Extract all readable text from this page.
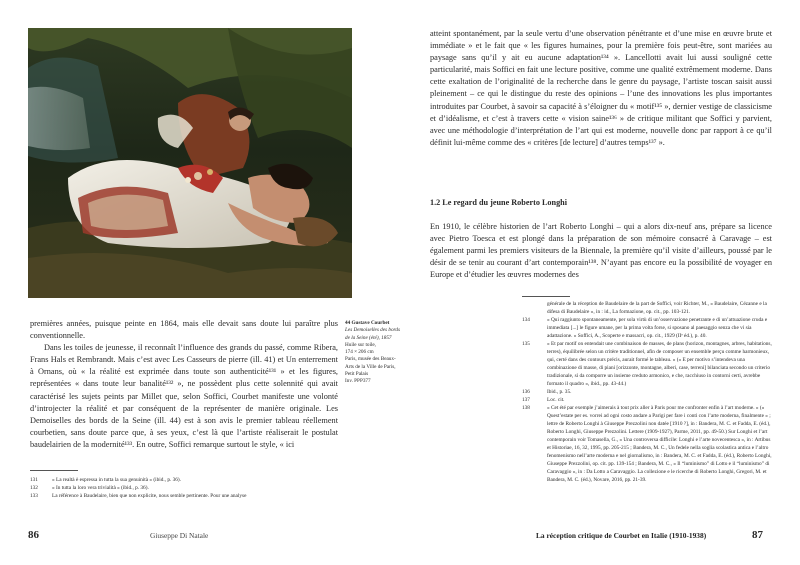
premières années, puisque peinte en 1864, mais elle devait sans doute lui paraître plus conventionnelle.

Dans les toiles de jeunesse, il reconnaît l’influence des grands du passé, comme Ribera, Frans Hals et Rembrandt. Mais c’est avec Les Casseurs de pierre (ill. 41) et Un enterrement à Ornans, où « la réalité est exprimée dans toute son authenticité¹³¹ » et les figures, représentées « dans toute leur banalité¹³² », ne possèdent plus cette solennité qui avait caractérisé les sujets peints par Millet que, selon Soffici, Courbet manifeste une volonté d’introjecter la réalité et par conséquent de la représenter de manière originale. Les Demoiselles des bords de la Seine (ill. 44) est à son avis le premier tableau réellement courbetien, sans doute parce que, à ses yeux, c’est là que l’artiste réaliserait le postulat baudelairien de la modernité¹³³. En outre, Soffici remarque surtout le style, « ici

44 Gustave Courbet
Les Demoiselles des bords
de la Seine (été), 1857
Huile sur toile,
174 × 206 cm
Paris, musée des Beaux-
Arts de la Ville de Paris,
Petit Palais
Inv. PPP377
131	« La realtà è espressa in tutta la sua genuinità » (ibid., p. 36).
132	« In tutta la loro vera trivialità » (ibid., p. 36).
133	La référence à Baudelaire, bien que non explicite, nous semble pertinente. Pour une analyse
86	Giuseppe Di Natale

atteint spontanément, par la seule vertu d’une observation pénétrante et d’une mise en œuvre brute et immédiate » et le fait que « les figures humaines, pour la première fois peut-être, sont mariées au paysage sans qu’il y ait eu aucune adaptation¹³⁴ ». Lancellotti avait lui aussi souligné cette particularité, mais Soffici en fait une lecture positive, comme une qualité extrêmement moderne. Dans cette exaltation de l’originalité de la recherche dans le genre du paysage, l’artiste toscan saisit aussi pleinement – ce qui le distingue du reste des opinions – l’une des innovations les plus importantes introduites par Courbet, à savoir sa capacité à s’éloigner du « motif¹³⁵ », dernier vestige de classicisme et d’idéalisme, et c’est à travers cette « vision saine¹³⁶ » de critique militant que Soffici y parvient, avec une méthodologie d’interprétation de l’art qui est moderne, nouvelle donc par rapport à ce qu’il définit lui-même comme des « critères [de lecture] d’autres temps¹³⁷ ».

1.2 Le regard du jeune Roberto Longhi

En 1910, le célèbre historien de l’art Roberto Longhi – qui a alors dix-neuf ans, prépare sa licence avec Pietro Toesca et est plongé dans la préparation de son mémoire consacré à Caravage – est également parmi les premiers visiteurs de la Biennale, la première qu’il visite d’ailleurs, poussé par le désir de se tenir au courant d’art contemporain¹³⁸. N’ayant pas encore eu la possibilité de voyager en Europe et d’étudier les œuvres modernes des

générale de la réception de Baudelaire de la part de Soffici, voir Richter, M., « Baudelaire, Cézanne e la difesa di Baudelaire », in : id., La formazione, op. cit., pp. 103-121.
134	« Qui raggiunto spontaneamente, per sola virtù di un’osservazione penetrante e di un’attuazione cruda e immediata [...] le figure umane, per la prima volta forse, si sposano al paesaggio senza che vi sia adattazione. » Soffici, A., Scoperte e massacri, op. cit., 1929 (IIᵉ éd.), p. 40.
135	« Et par motif on entendait une combinaison de masses, de plans (horizon, montagnes, arbres, habitations, terres), équilibrée selon un critère traditionnel, afin de composer un ensemble perçu comme harmonieux, qui, certé dans des contours précis, aurait formé le tableau. » (« E per motivo s’intendeva una combinazione di masse, di piani [orizzonte, montagne, alberi, case, terreni] bilanciata secondo un criterio tradizionale, sì da comporre un insieme creduto armonico, e che, racchiuso in contorni certi, avrebbe formato il quadro », ibid., pp. 43-44.)
136	Ibid., p. 35.
137	Loc. cit.
138	« Cet été par exemple j’aimerais à tout prix aller à Paris pour me confronter enfin à l’art moderne. » (« Quest’estate per es. vorrei ad ogni costo andare a Parigi per fare i conti con l’arte moderna, finalmente » ; lettre de Roberto Longhi à Giuseppe Prezzolini non datée [1910 ?], in : Bandera, M. C. et Fadda, E. (éd.), Roberto Longhi, Giuseppe Prezzolini. Lettere (1909-1927), Parme, 2011, pp. 49-50.) Sur Longhi et l’art contemporain voir Tomasella, G., « Una controversa difficile: Longhi e l’arte novecentesca », in : Artibus et Historiae, 16, 32, 1995, pp. 205-215 ; Bandera, M. C., Un fedele nella soglia scolastica antica e l’altro fenomenismo nell’arte moderna e nel giornalismo, in : Bandera, M. C. et Fadda, E. (éd.), Roberto Longhi, Giuseppe Prezzolini, op. cit. pp. 139-154 ; Bandera, M. C., « Il “luminismo” di Lotto e il “luminismo” di Caravaggio », in : Da Lotto a Caravaggio. La collezione e le ricerche di Roberto Longhi, Gregori, M. et Bandera, M. C. (éd.), Novare, 2016, pp. 21-39.
La réception critique de Courbet en Italie (1910-1938)	87
